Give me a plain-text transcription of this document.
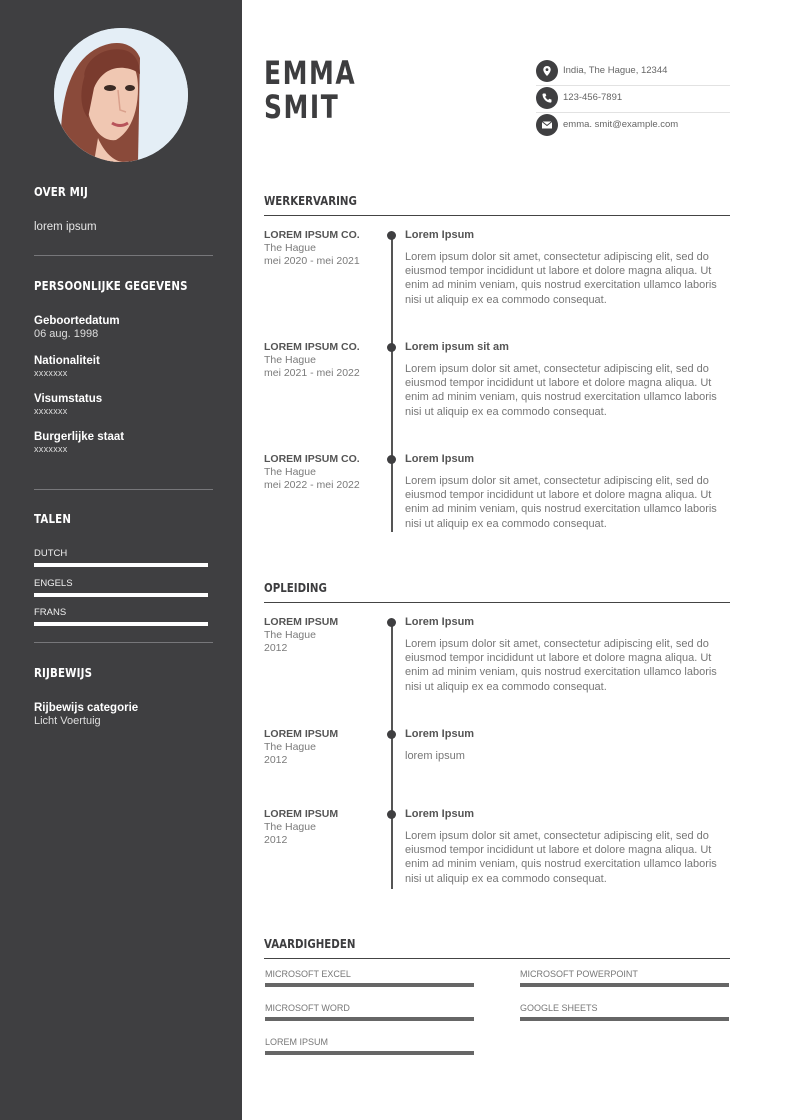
OVER MIJ
lorem ipsum
PERSOONLIJKE GEGEVENS
Geboortedatum
06 aug. 1998
Nationaliteit
xxxxxxx
Visumstatus
xxxxxxx
Burgerlijke staat
xxxxxxx
TALEN
DUTCH
ENGELS
FRANS
RIJBEWIJS
Rijbewijs categorie
Licht Voertuig
EMMA
SMIT
India, The Hague, 12344
123-456-7891
emma. smit@example.com
WERKERVARING
LOREM IPSUM CO.
The Hague
mei 2020 - mei 2021
Lorem Ipsum
Lorem ipsum dolor sit amet, consectetur adipiscing elit, sed do eiusmod tempor incididunt ut labore et dolore magna aliqua. Ut enim ad minim veniam, quis nostrud exercitation ullamco laboris nisi ut aliquip ex ea commodo consequat.
LOREM IPSUM CO.
The Hague
mei 2021 - mei 2022
Lorem ipsum sit am
Lorem ipsum dolor sit amet, consectetur adipiscing elit, sed do eiusmod tempor incididunt ut labore et dolore magna aliqua. Ut enim ad minim veniam, quis nostrud exercitation ullamco laboris nisi ut aliquip ex ea commodo consequat.
LOREM IPSUM CO.
The Hague
mei 2022 - mei 2022
Lorem Ipsum
Lorem ipsum dolor sit amet, consectetur adipiscing elit, sed do eiusmod tempor incididunt ut labore et dolore magna aliqua. Ut enim ad minim veniam, quis nostrud exercitation ullamco laboris nisi ut aliquip ex ea commodo consequat.
OPLEIDING
LOREM IPSUM
The Hague
2012
Lorem Ipsum
Lorem ipsum dolor sit amet, consectetur adipiscing elit, sed do eiusmod tempor incididunt ut labore et dolore magna aliqua. Ut enim ad minim veniam, quis nostrud exercitation ullamco laboris nisi ut aliquip ex ea commodo consequat.
LOREM IPSUM
The Hague
2012
Lorem Ipsum
lorem ipsum
LOREM IPSUM
The Hague
2012
Lorem Ipsum
Lorem ipsum dolor sit amet, consectetur adipiscing elit, sed do eiusmod tempor incididunt ut labore et dolore magna aliqua. Ut enim ad minim veniam, quis nostrud exercitation ullamco laboris nisi ut aliquip ex ea commodo consequat.
VAARDIGHEDEN
MICROSOFT EXCEL	MICROSOFT POWERPOINT
MICROSOFT WORD	GOOGLE SHEETS
LOREM IPSUM
